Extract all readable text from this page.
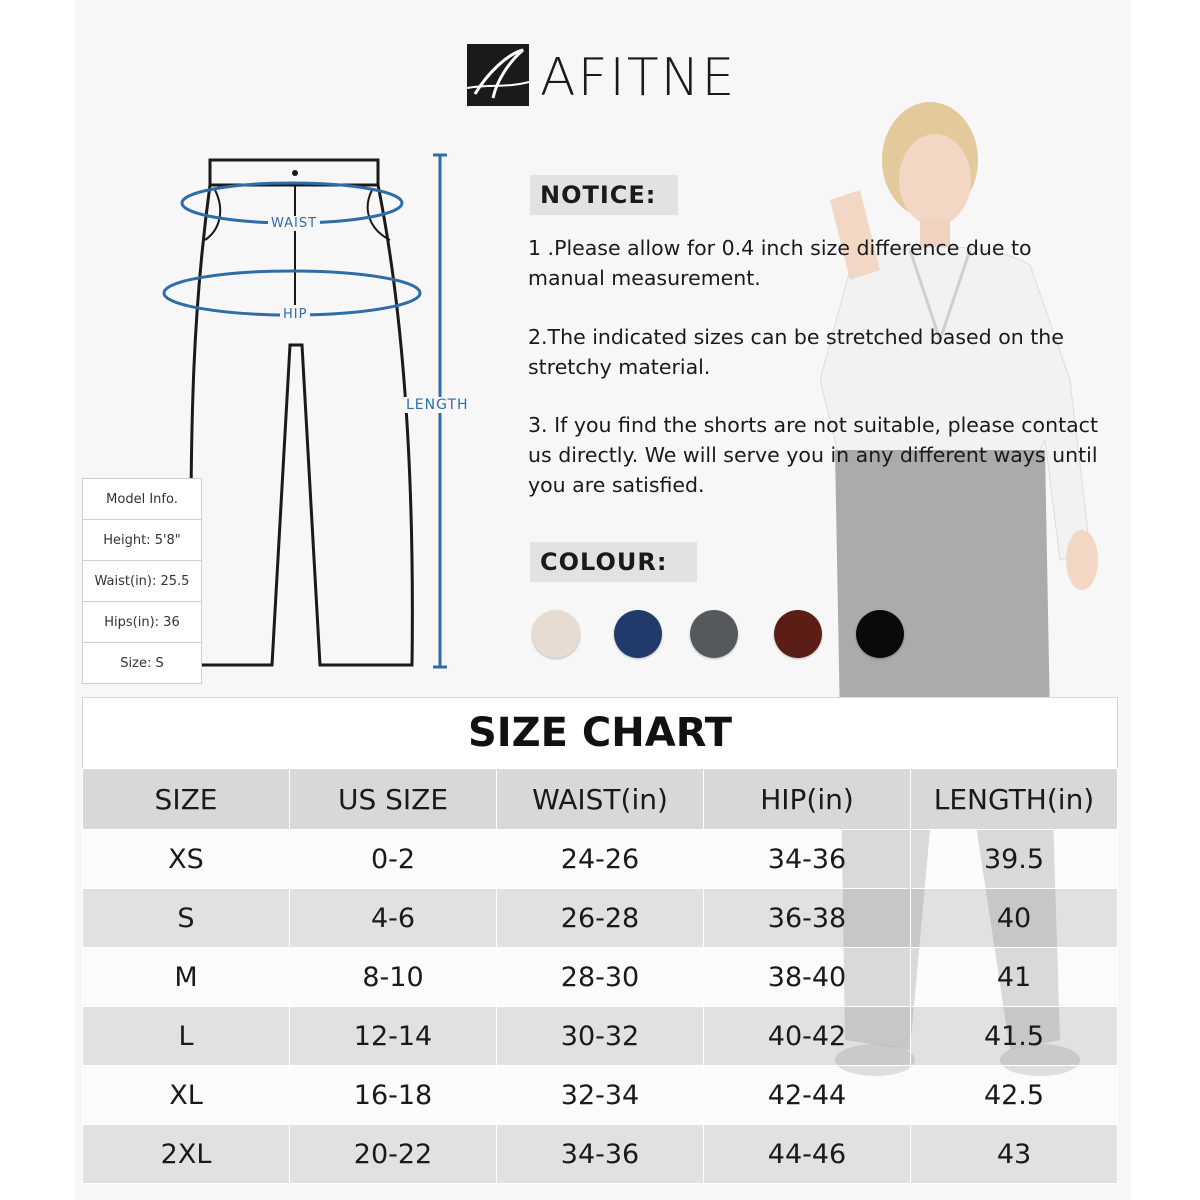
AFITNE
WAIST
HIP
LENGTH
Model Info.
Height: 5'8"
Waist(in): 25.5
Hips(in): 36
Size: S
NOTICE:
1 .Please allow for 0.4 inch size difference due to manual measurement.
2.The indicated sizes can be stretched based on the stretchy material.
3. If you find the shorts are not suitable, please contact us directly. We will serve you in any different ways until you are satisfied.
COLOUR:
SIZE CHART
SIZE	US SIZE	WAIST(in)	HIP(in)	LENGTH(in)
XS	0-2	24-26	34-36	39.5
S	4-6	26-28	36-38	40
M	8-10	28-30	38-40	41
L	12-14	30-32	40-42	41.5
XL	16-18	32-34	42-44	42.5
2XL	20-22	34-36	44-46	43
